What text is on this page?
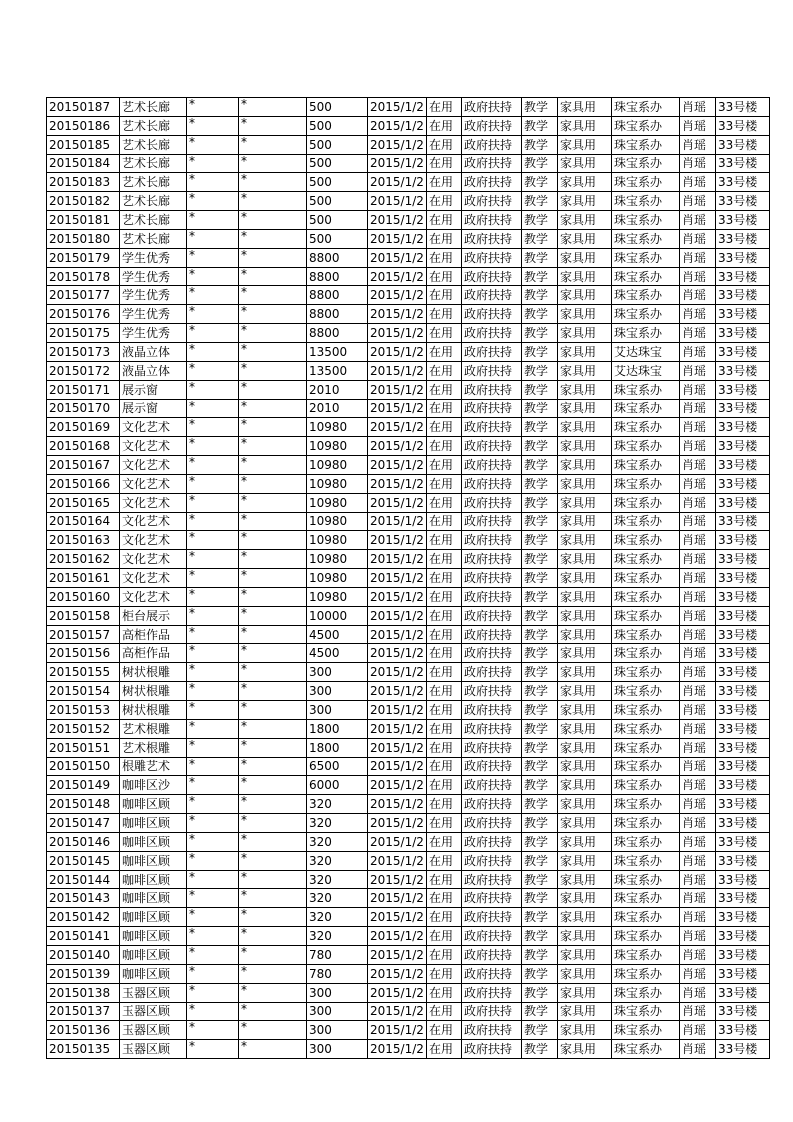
20150187	艺术长廊	*	*	500	2015/1/2	在用	政府扶持	教学	家具用	珠宝系办	肖瑶	33号楼
20150186	艺术长廊	*	*	500	2015/1/2	在用	政府扶持	教学	家具用	珠宝系办	肖瑶	33号楼
20150185	艺术长廊	*	*	500	2015/1/2	在用	政府扶持	教学	家具用	珠宝系办	肖瑶	33号楼
20150184	艺术长廊	*	*	500	2015/1/2	在用	政府扶持	教学	家具用	珠宝系办	肖瑶	33号楼
20150183	艺术长廊	*	*	500	2015/1/2	在用	政府扶持	教学	家具用	珠宝系办	肖瑶	33号楼
20150182	艺术长廊	*	*	500	2015/1/2	在用	政府扶持	教学	家具用	珠宝系办	肖瑶	33号楼
20150181	艺术长廊	*	*	500	2015/1/2	在用	政府扶持	教学	家具用	珠宝系办	肖瑶	33号楼
20150180	艺术长廊	*	*	500	2015/1/2	在用	政府扶持	教学	家具用	珠宝系办	肖瑶	33号楼
20150179	学生优秀	*	*	8800	2015/1/2	在用	政府扶持	教学	家具用	珠宝系办	肖瑶	33号楼
20150178	学生优秀	*	*	8800	2015/1/2	在用	政府扶持	教学	家具用	珠宝系办	肖瑶	33号楼
20150177	学生优秀	*	*	8800	2015/1/2	在用	政府扶持	教学	家具用	珠宝系办	肖瑶	33号楼
20150176	学生优秀	*	*	8800	2015/1/2	在用	政府扶持	教学	家具用	珠宝系办	肖瑶	33号楼
20150175	学生优秀	*	*	8800	2015/1/2	在用	政府扶持	教学	家具用	珠宝系办	肖瑶	33号楼
20150173	液晶立体	*	*	13500	2015/1/2	在用	政府扶持	教学	家具用	艾达珠宝	肖瑶	33号楼
20150172	液晶立体	*	*	13500	2015/1/2	在用	政府扶持	教学	家具用	艾达珠宝	肖瑶	33号楼
20150171	展示窗	*	*	2010	2015/1/2	在用	政府扶持	教学	家具用	珠宝系办	肖瑶	33号楼
20150170	展示窗	*	*	2010	2015/1/2	在用	政府扶持	教学	家具用	珠宝系办	肖瑶	33号楼
20150169	文化艺术	*	*	10980	2015/1/2	在用	政府扶持	教学	家具用	珠宝系办	肖瑶	33号楼
20150168	文化艺术	*	*	10980	2015/1/2	在用	政府扶持	教学	家具用	珠宝系办	肖瑶	33号楼
20150167	文化艺术	*	*	10980	2015/1/2	在用	政府扶持	教学	家具用	珠宝系办	肖瑶	33号楼
20150166	文化艺术	*	*	10980	2015/1/2	在用	政府扶持	教学	家具用	珠宝系办	肖瑶	33号楼
20150165	文化艺术	*	*	10980	2015/1/2	在用	政府扶持	教学	家具用	珠宝系办	肖瑶	33号楼
20150164	文化艺术	*	*	10980	2015/1/2	在用	政府扶持	教学	家具用	珠宝系办	肖瑶	33号楼
20150163	文化艺术	*	*	10980	2015/1/2	在用	政府扶持	教学	家具用	珠宝系办	肖瑶	33号楼
20150162	文化艺术	*	*	10980	2015/1/2	在用	政府扶持	教学	家具用	珠宝系办	肖瑶	33号楼
20150161	文化艺术	*	*	10980	2015/1/2	在用	政府扶持	教学	家具用	珠宝系办	肖瑶	33号楼
20150160	文化艺术	*	*	10980	2015/1/2	在用	政府扶持	教学	家具用	珠宝系办	肖瑶	33号楼
20150158	柜台展示	*	*	10000	2015/1/2	在用	政府扶持	教学	家具用	珠宝系办	肖瑶	33号楼
20150157	高柜作品	*	*	4500	2015/1/2	在用	政府扶持	教学	家具用	珠宝系办	肖瑶	33号楼
20150156	高柜作品	*	*	4500	2015/1/2	在用	政府扶持	教学	家具用	珠宝系办	肖瑶	33号楼
20150155	树状根雕	*	*	300	2015/1/2	在用	政府扶持	教学	家具用	珠宝系办	肖瑶	33号楼
20150154	树状根雕	*	*	300	2015/1/2	在用	政府扶持	教学	家具用	珠宝系办	肖瑶	33号楼
20150153	树状根雕	*	*	300	2015/1/2	在用	政府扶持	教学	家具用	珠宝系办	肖瑶	33号楼
20150152	艺术根雕	*	*	1800	2015/1/2	在用	政府扶持	教学	家具用	珠宝系办	肖瑶	33号楼
20150151	艺术根雕	*	*	1800	2015/1/2	在用	政府扶持	教学	家具用	珠宝系办	肖瑶	33号楼
20150150	根雕艺术	*	*	6500	2015/1/2	在用	政府扶持	教学	家具用	珠宝系办	肖瑶	33号楼
20150149	咖啡区沙	*	*	6000	2015/1/2	在用	政府扶持	教学	家具用	珠宝系办	肖瑶	33号楼
20150148	咖啡区顾	*	*	320	2015/1/2	在用	政府扶持	教学	家具用	珠宝系办	肖瑶	33号楼
20150147	咖啡区顾	*	*	320	2015/1/2	在用	政府扶持	教学	家具用	珠宝系办	肖瑶	33号楼
20150146	咖啡区顾	*	*	320	2015/1/2	在用	政府扶持	教学	家具用	珠宝系办	肖瑶	33号楼
20150145	咖啡区顾	*	*	320	2015/1/2	在用	政府扶持	教学	家具用	珠宝系办	肖瑶	33号楼
20150144	咖啡区顾	*	*	320	2015/1/2	在用	政府扶持	教学	家具用	珠宝系办	肖瑶	33号楼
20150143	咖啡区顾	*	*	320	2015/1/2	在用	政府扶持	教学	家具用	珠宝系办	肖瑶	33号楼
20150142	咖啡区顾	*	*	320	2015/1/2	在用	政府扶持	教学	家具用	珠宝系办	肖瑶	33号楼
20150141	咖啡区顾	*	*	320	2015/1/2	在用	政府扶持	教学	家具用	珠宝系办	肖瑶	33号楼
20150140	咖啡区顾	*	*	780	2015/1/2	在用	政府扶持	教学	家具用	珠宝系办	肖瑶	33号楼
20150139	咖啡区顾	*	*	780	2015/1/2	在用	政府扶持	教学	家具用	珠宝系办	肖瑶	33号楼
20150138	玉器区顾	*	*	300	2015/1/2	在用	政府扶持	教学	家具用	珠宝系办	肖瑶	33号楼
20150137	玉器区顾	*	*	300	2015/1/2	在用	政府扶持	教学	家具用	珠宝系办	肖瑶	33号楼
20150136	玉器区顾	*	*	300	2015/1/2	在用	政府扶持	教学	家具用	珠宝系办	肖瑶	33号楼
20150135	玉器区顾	*	*	300	2015/1/2	在用	政府扶持	教学	家具用	珠宝系办	肖瑶	33号楼
